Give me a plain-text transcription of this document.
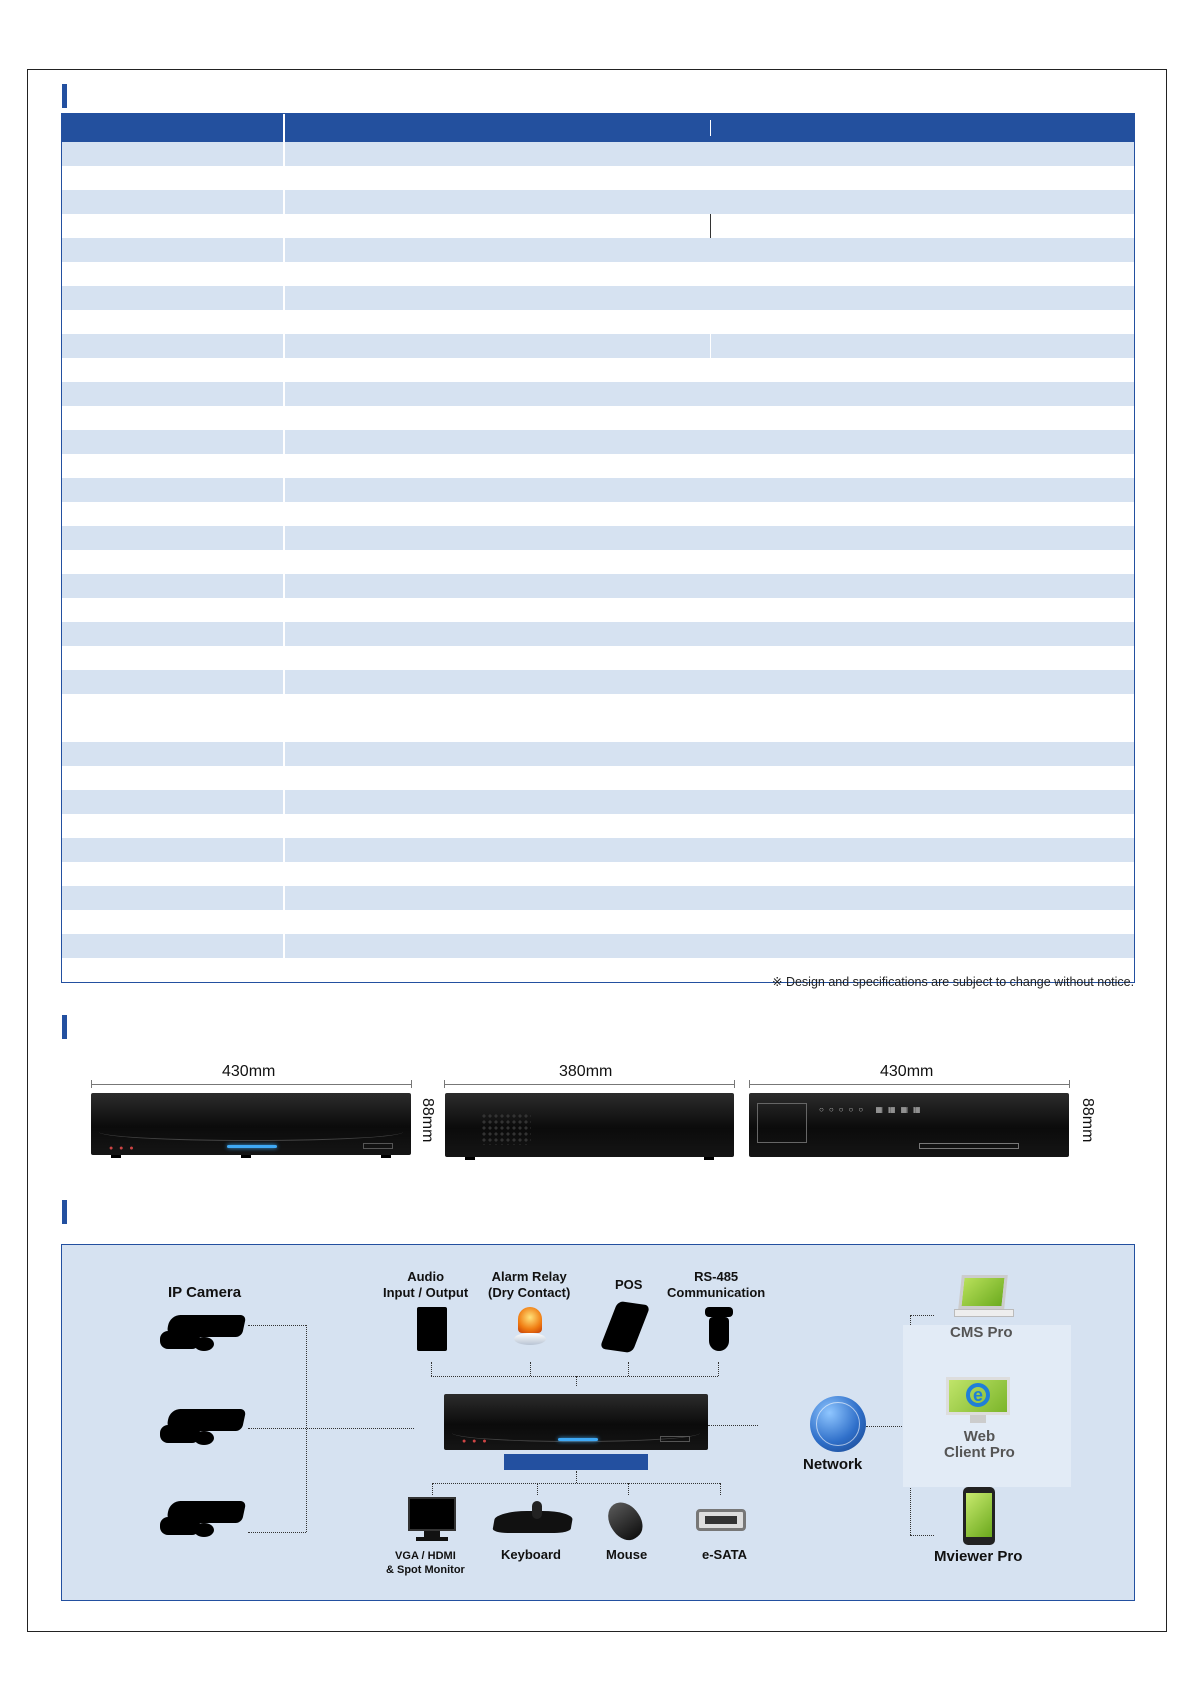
※ Design and specifications are subject to change without notice.
430mm
● ● ●
88mm
380mm	430mm
○○○○○ ▦▦▦▦	88mm
IP Camera
Audio
Input / Output
Alarm Relay
(Dry Contact)
POS
RS-485
Communication
● ● ●
VGA / HDMI
& Spot Monitor
Keyboard	Mouse	e-SATA
Network
CMS Pro
e
Web
Client Pro
Mviewer Pro
